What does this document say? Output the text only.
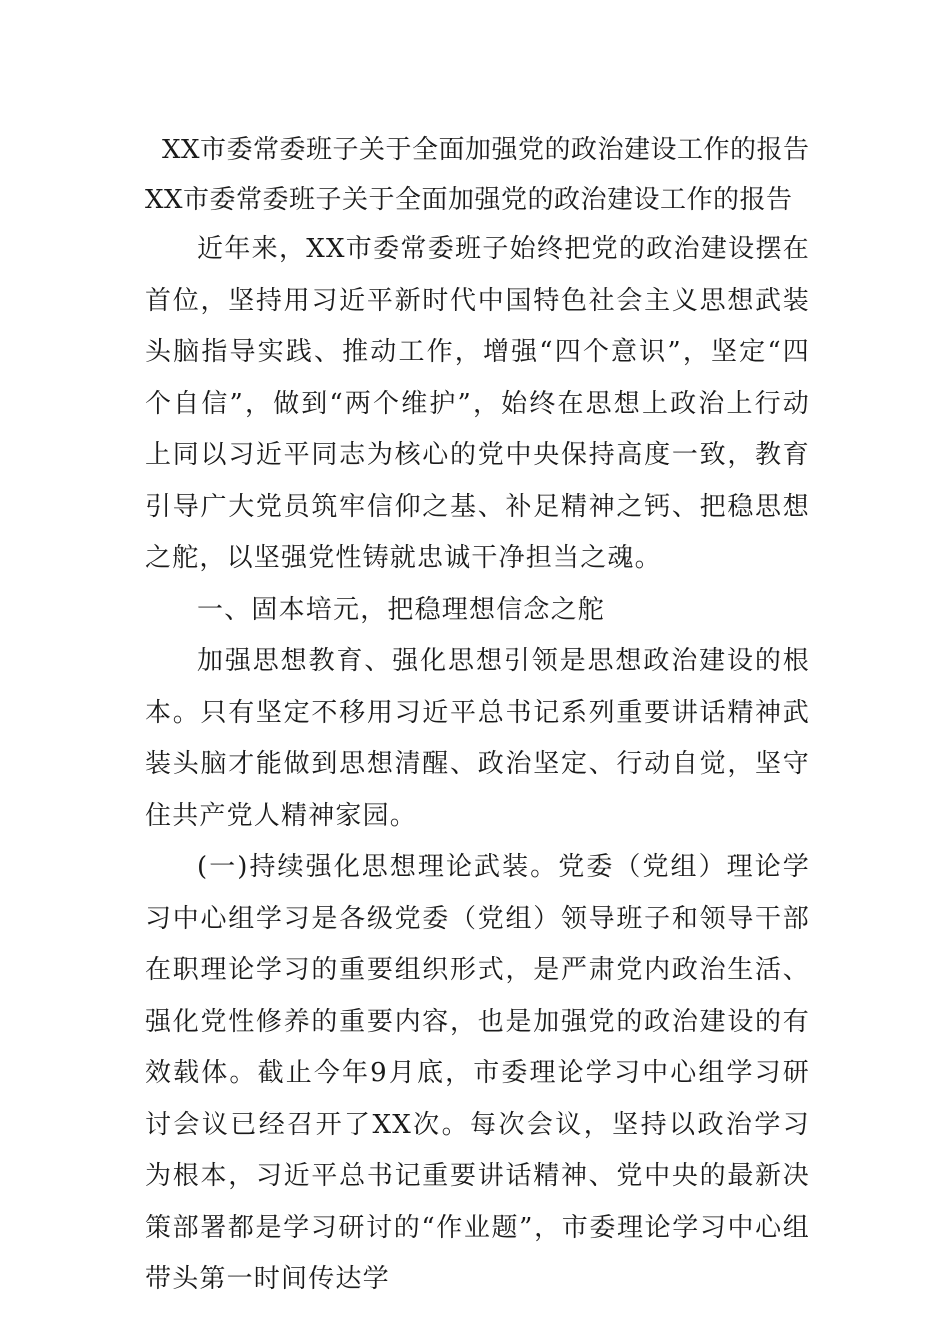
XX市委常委班子关于全面加强党的政治建设工作的报告
XX市委常委班子关于全面加强党的政治建设工作的报告

近年来，XX市委常委班子始终把党的政治建设摆在首位，坚持用习近平新时代中国特色社会主义思想武装头脑指导实践、推动工作，增强“四个意识”，坚定“四个自信”，做到“两个维护”，始终在思想上政治上行动上同以习近平同志为核心的党中央保持高度一致，教育引导广大党员筑牢信仰之基、补足精神之钙、把稳思想之舵，以坚强党性铸就忠诚干净担当之魂。

一、固本培元，把稳理想信念之舵

加强思想教育、强化思想引领是思想政治建设的根本。只有坚定不移用习近平总书记系列重要讲话精神武装头脑才能做到思想清醒、政治坚定、行动自觉，坚守住共产党人精神家园。

(一)持续强化思想理论武装。党委（党组）理论学习中心组学习是各级党委（党组）领导班子和领导干部在职理论学习的重要组织形式，是严肃党内政治生活、强化党性修养的重要内容，也是加强党的政治建设的有效载体。截止今年9月底，市委理论学习中心组学习研讨会议已经召开了XX次。每次会议，坚持以政治学习为根本，习近平总书记重要讲话精神、党中央的最新决策部署都是学习研讨的“作业题”，市委理论学习中心组带头第一时间传达学
